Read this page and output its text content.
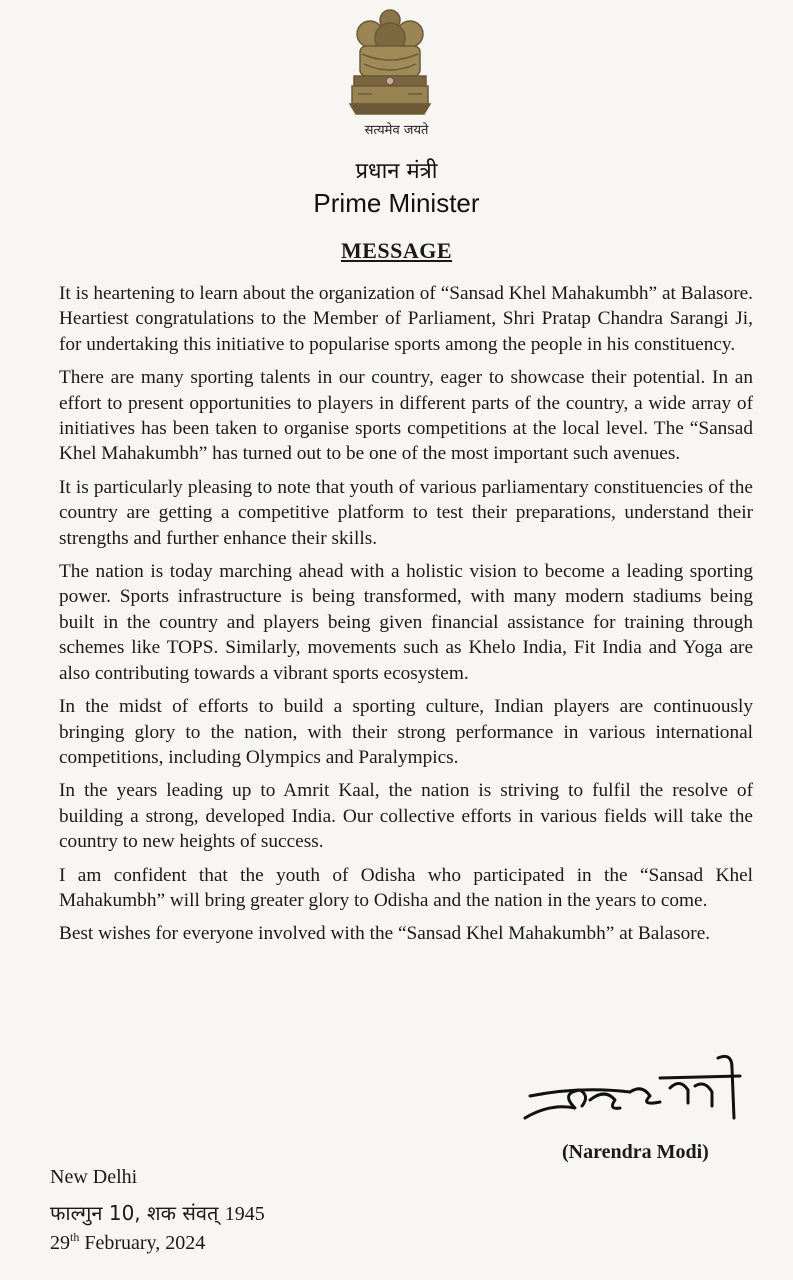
सत्यमेव जयते
प्रधान मंत्री
Prime Minister
MESSAGE

It is heartening to learn about the organization of “Sansad Khel Mahakumbh” at Balasore. Heartiest congratulations to the Member of Parliament, Shri Pratap Chandra Sarangi Ji, for undertaking this initiative to popularise sports among the people in his constituency.

There are many sporting talents in our country, eager to showcase their potential. In an effort to present opportunities to players in different parts of the country, a wide array of initiatives has been taken to organise sports competitions at the local level. The “Sansad Khel Mahakumbh” has turned out to be one of the most important such avenues.

It is particularly pleasing to note that youth of various parliamentary constituencies of the country are getting a competitive platform to test their preparations, understand their strengths and further enhance their skills.

The nation is today marching ahead with a holistic vision to become a leading sporting power. Sports infrastructure is being transformed, with many modern stadiums being built in the country and players being given financial assistance for training through schemes like TOPS. Similarly, movements such as Khelo India, Fit India and Yoga are also contributing towards a vibrant sports ecosystem.

In the midst of efforts to build a sporting culture, Indian players are continuously bringing glory to the nation, with their strong performance in various international competitions, including Olympics and Paralympics.

In the years leading up to Amrit Kaal, the nation is striving to fulfil the resolve of building a strong, developed India. Our collective efforts in various fields will take the country to new heights of success.

I am confident that the youth of Odisha who participated in the “Sansad Khel Mahakumbh” will bring greater glory to Odisha and the nation in the years to come.

Best wishes for everyone involved with the “Sansad Khel Mahakumbh” at Balasore.

(Narendra Modi)
New Delhi
फाल्गुन 10, शक संवत् 1945
29th February, 2024
